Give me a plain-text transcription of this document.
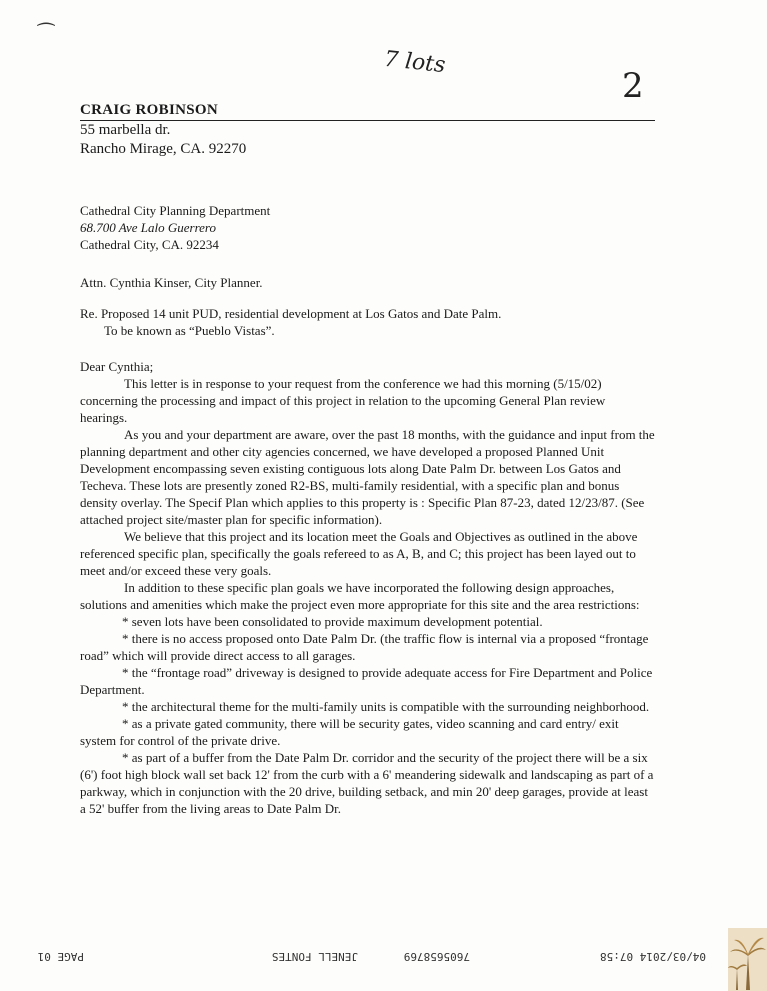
⁀
7 lots
2
CRAIG ROBINSON
55 marbella dr.
Rancho Mirage, CA. 92270
Cathedral City Planning Department
68.700 Ave Lalo Guerrero
Cathedral City, CA. 92234
Attn. Cynthia Kinser, City Planner.
Re. Proposed 14 unit PUD, residential development at Los Gatos and Date Palm.
To be known as “Pueblo Vistas”.
Dear Cynthia;

This letter is in response to your request from the conference we had this morning (5/15/02) concerning the processing and impact of this project in relation to the upcoming General Plan review hearings.

As you and your department are aware, over the past 18 months, with the guidance and input from the planning department and other city agencies concerned, we have developed a proposed Planned Unit Development encompassing seven existing contiguous lots along Date Palm Dr. between Los Gatos and Techeva. These lots are presently zoned R2-BS, multi-family residential, with a specific plan and bonus density overlay. The Specif Plan which applies to this property is : Specific Plan 87-23, dated 12/23/87. (See attached project site/master plan for specific information).

We believe that this project and its location meet the Goals and Objectives as outlined in the above referenced specific plan, specifically the goals refereed to as A, B, and C; this project has been layed out to meet and/or exceed these very goals.

In addition to these specific plan goals we have incorporated the following design approaches, solutions and amenities which make the project even more appropriate for this site and the area restrictions:

* seven lots have been consolidated to provide maximum development potential.

* there is no access proposed onto Date Palm Dr. (the traffic flow is internal via a proposed “frontage road” which will provide direct access to all garages.

* the “frontage road” driveway is designed to provide adequate access for Fire Department and Police Department.

* the architectural theme for the multi-family units is compatible with the surrounding neighborhood.

* as a private gated community, there will be security gates, video scanning and card entry/ exit system for control of the private drive.

* as part of a buffer from the Date Palm Dr. corridor and the security of the project there will be a six (6') foot high block wall set back 12' from the curb with a 6' meandering sidewalk and landscaping as part of a parkway, which in conjunction with the 20 drive, building setback, and min 20' deep garages, provide at least a 52' buffer from the living areas to Date Palm Dr.

04/03/2014 07:58
7605658769
JENELL FONTES
PAGE 01
